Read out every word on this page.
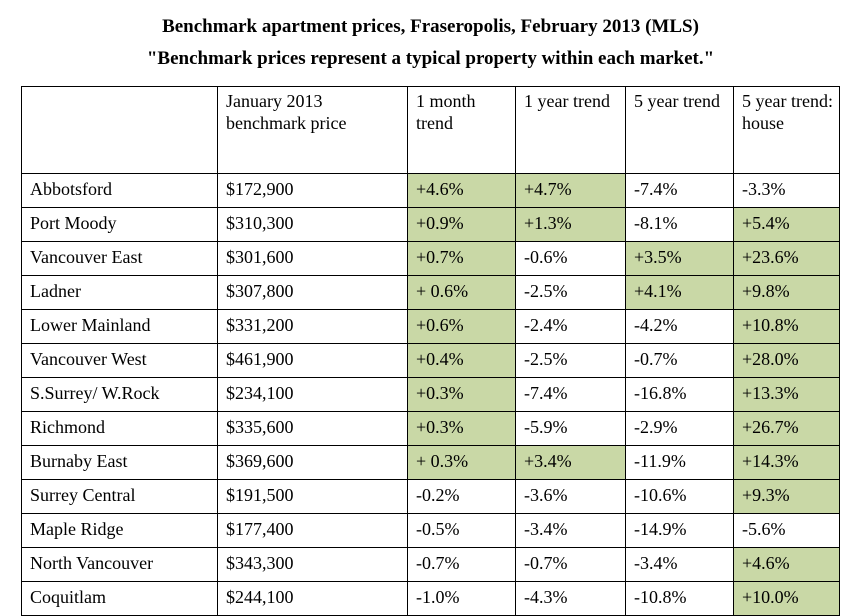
Benchmark apartment prices, Fraseropolis, February 2013 (MLS)
"Benchmark prices represent a typical property within each market."
	January 2013 benchmark price	1 month trend	1 year trend	5 year trend	5 year trend: house
Abbotsford	$172,900	+4.6%	+4.7%	-7.4%	-3.3%
Port Moody	$310,300	+0.9%	+1.3%	-8.1%	+5.4%
Vancouver East	$301,600	+0.7%	-0.6%	+3.5%	+23.6%
Ladner	$307,800	+ 0.6%	-2.5%	+4.1%	+9.8%
Lower Mainland	$331,200	+0.6%	-2.4%	-4.2%	+10.8%
Vancouver West	$461,900	+0.4%	-2.5%	-0.7%	+28.0%
S.Surrey/ W.Rock	$234,100	+0.3%	-7.4%	-16.8%	+13.3%
Richmond	$335,600	+0.3%	-5.9%	-2.9%	+26.7%
Burnaby East	$369,600	+ 0.3%	+3.4%	-11.9%	+14.3%
Surrey Central	$191,500	-0.2%	-3.6%	-10.6%	+9.3%
Maple Ridge	$177,400	-0.5%	-3.4%	-14.9%	-5.6%
North Vancouver	$343,300	-0.7%	-0.7%	-3.4%	+4.6%
Coquitlam	$244,100	-1.0%	-4.3%	-10.8%	+10.0%
